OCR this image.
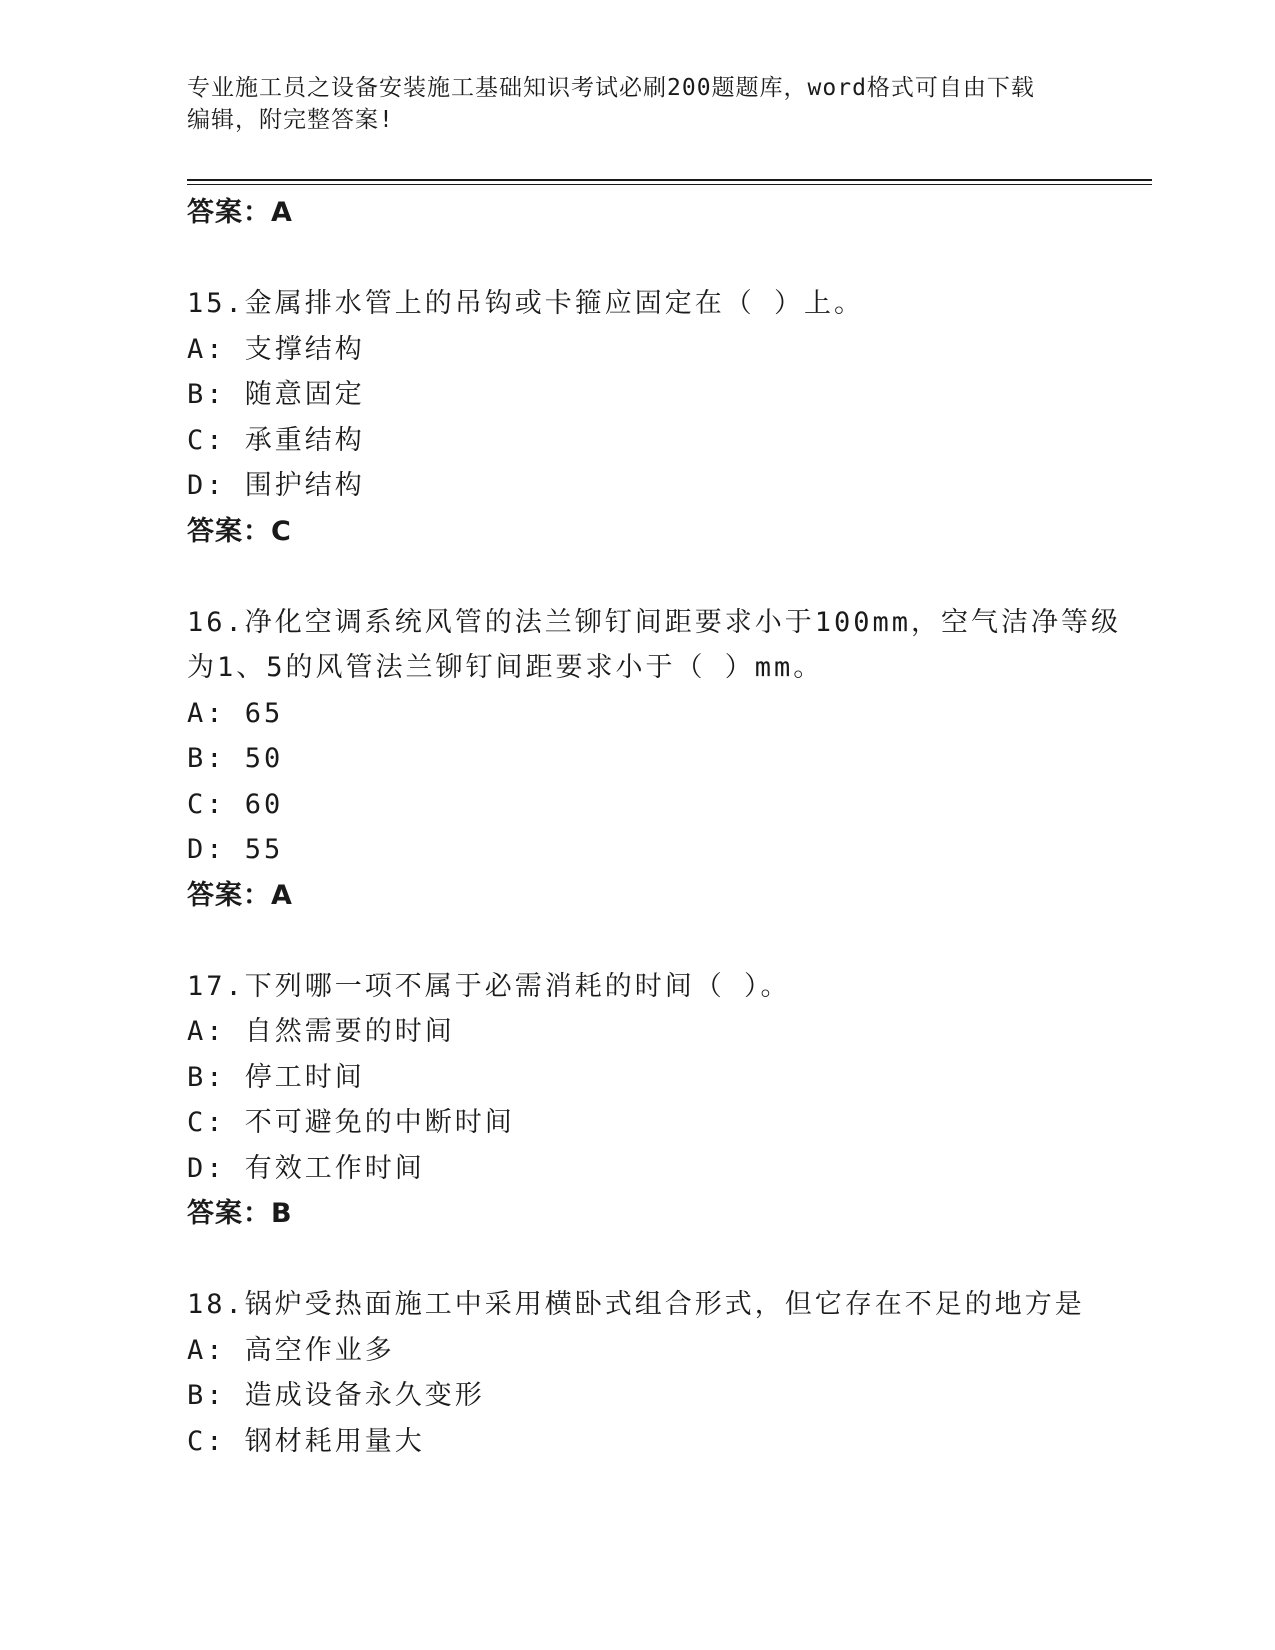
专业施工员之设备安装施工基础知识考试必刷200题题库，word格式可自由下载
编辑，附完整答案!
答案：A
15.金属排水管上的吊钩或卡箍应固定在（ ）上。
A: 支撑结构
B: 随意固定
C: 承重结构
D: 围护结构
答案：C
16.净化空调系统风管的法兰铆钉间距要求小于100mm，空气洁净等级
为1、5的风管法兰铆钉间距要求小于（ ）mm。
A: 65
B: 50
C: 60
D: 55
答案：A
17.下列哪一项不属于必需消耗的时间（ ）。
A: 自然需要的时间
B: 停工时间
C: 不可避免的中断时间
D: 有效工作时间
答案：B
18.锅炉受热面施工中采用横卧式组合形式，但它存在不足的地方是
A: 高空作业多
B: 造成设备永久变形
C: 钢材耗用量大
